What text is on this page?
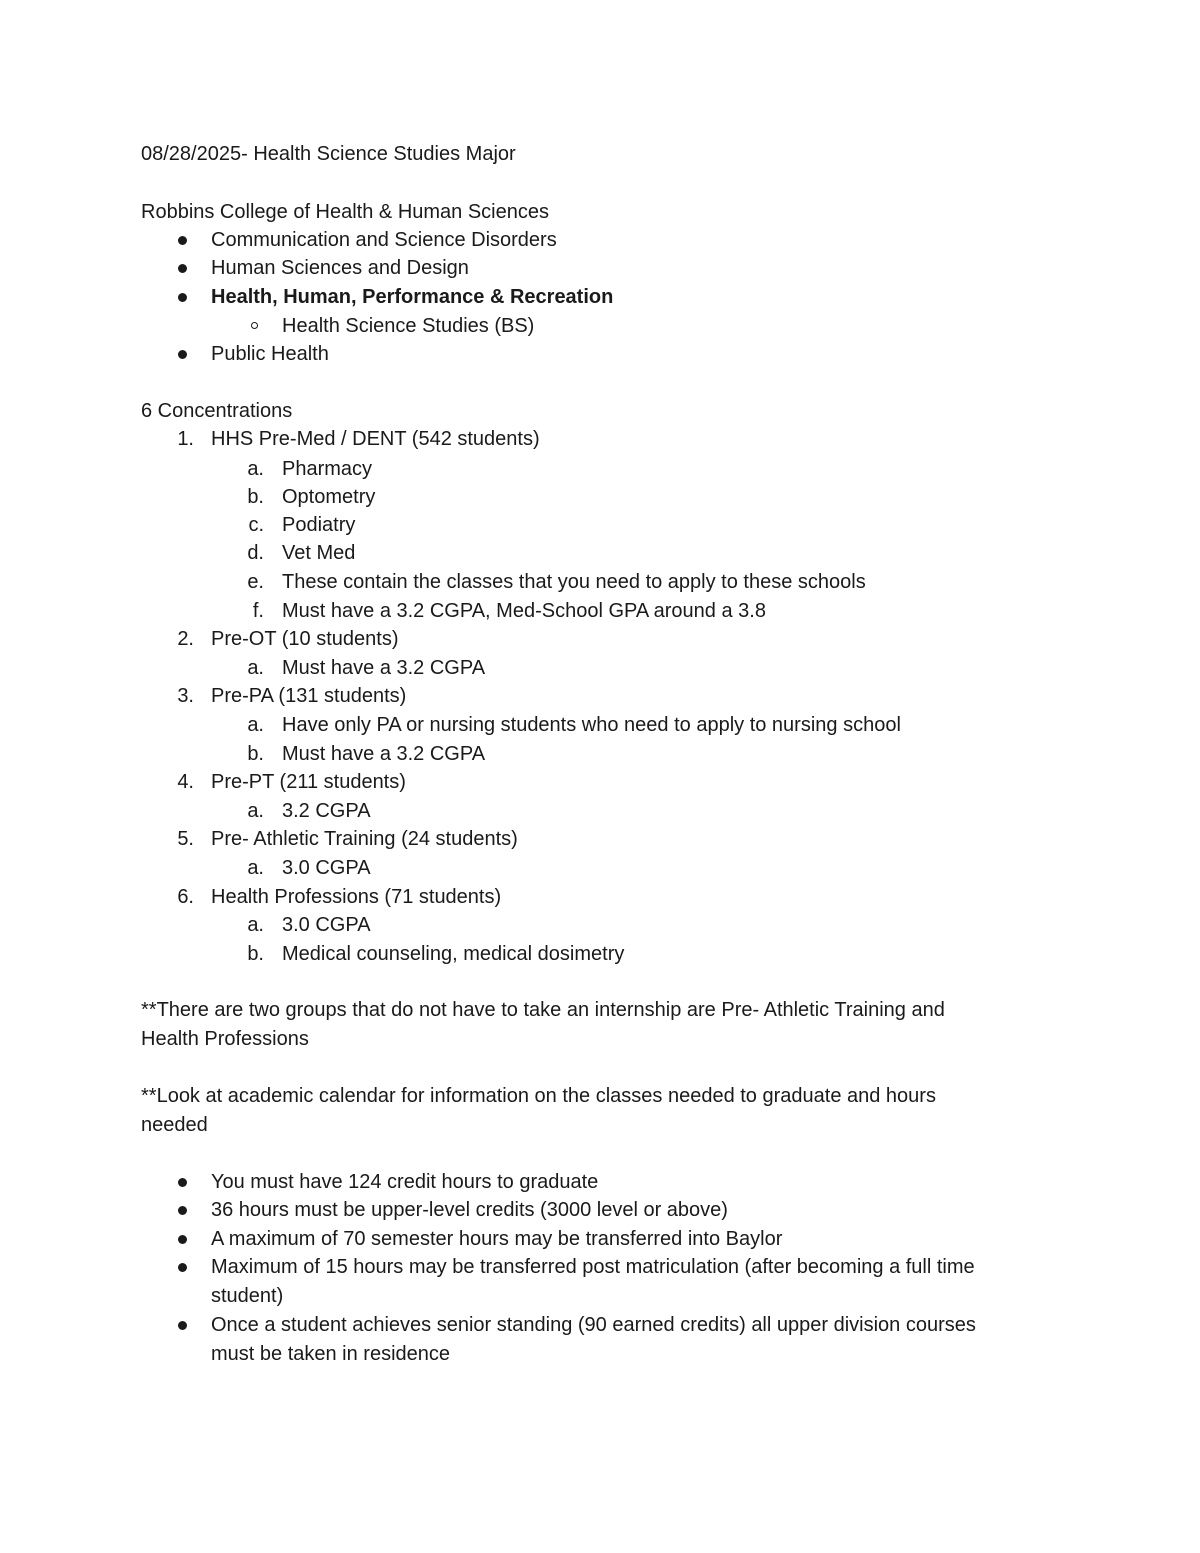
08/28/2025- Health Science Studies Major
Robbins College of Health & Human Sciences
Communication and Science Disorders
Human Sciences and Design
Health, Human, Performance & Recreation
Health Science Studies (BS)
Public Health
6 Concentrations
1. HHS Pre-Med / DENT (542 students)
a. Pharmacy
b. Optometry
c. Podiatry
d. Vet Med
e. These contain the classes that you need to apply to these schools
f. Must have a 3.2 CGPA, Med-School GPA around a 3.8
2. Pre-OT (10 students)
a. Must have a 3.2 CGPA
3. Pre-PA (131 students)
a. Have only PA or nursing students who need to apply to nursing school
b. Must have a 3.2 CGPA
4. Pre-PT (211 students)
a. 3.2 CGPA
5. Pre- Athletic Training (24 students)
a. 3.0 CGPA
6. Health Professions (71 students)
a. 3.0 CGPA
b. Medical counseling, medical dosimetry
**There are two groups that do not have to take an internship are Pre- Athletic Training and
Health Professions
**Look at academic calendar for information on the classes needed to graduate and hours
needed
You must have 124 credit hours to graduate
36 hours must be upper-level credits (3000 level or above)
A maximum of 70 semester hours may be transferred into Baylor
Maximum of 15 hours may be transferred post matriculation (after becoming a full time
student)
Once a student achieves senior standing (90 earned credits) all upper division courses
must be taken in residence
